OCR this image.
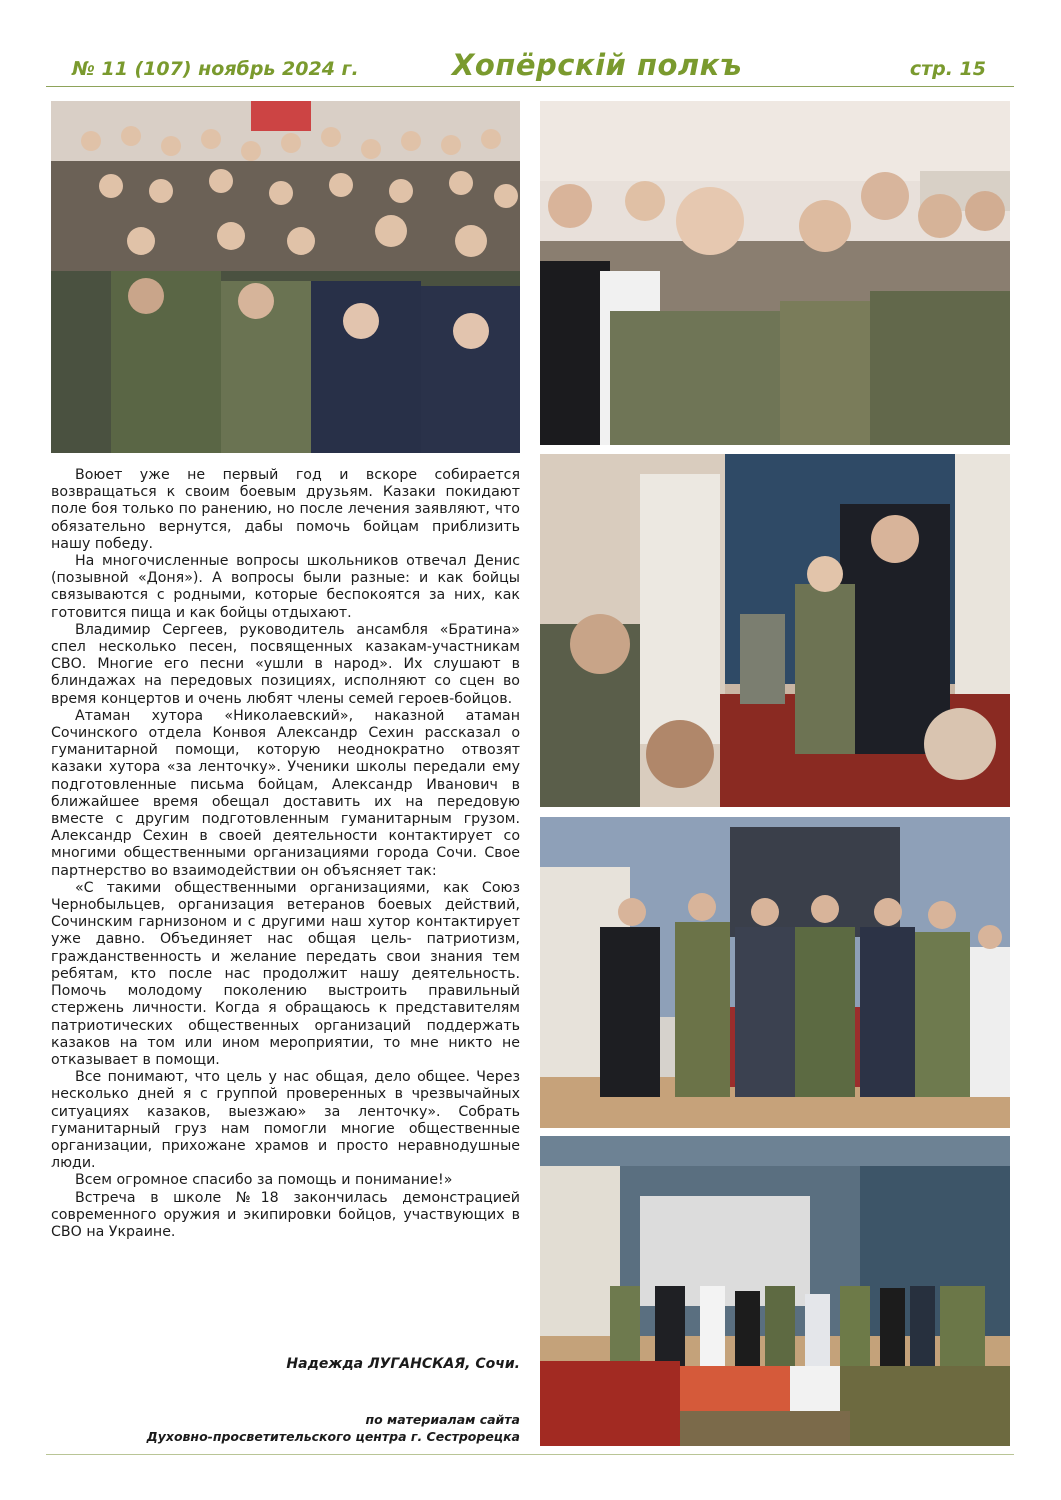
№ 11 (107) ноябрь 2024 г.	Хопёрскій полкъ	стр. 15

Воюет уже не первый год и вскоре собирается возвращаться к своим боевым друзьям. Казаки покидают поле боя только по ранению, но после лечения заявляют, что обязательно вернутся, дабы помочь бойцам приблизить нашу победу.

На многочисленные вопросы школьников отвечал Денис (позывной «Доня»). А вопросы были разные: и как бойцы связываются с родными, которые беспокоятся за них, как готовится пища и как бойцы отдыхают.

Владимир Сергеев, руководитель ансамбля «Братина» спел несколько песен, посвященных казакам-участникам СВО. Многие его песни «ушли в народ». Их слушают в блиндажах на передовых позициях, исполняют со сцен во время концертов и очень любят члены семей героев-бойцов.

Атаман хутора «Николаевский», наказной атаман Сочинского отдела Конвоя Александр Сехин рассказал о гуманитарной помощи, которую неоднократно отвозят казаки хутора «за ленточку». Ученики школы передали ему подготовленные письма бойцам, Александр Иванович в ближайшее время обещал доставить их на передовую вместе с другим подготовленным гуманитарным грузом. Александр Сехин в своей деятельности контактирует со многими общественными организациями города Сочи. Свое партнерство во взаимодействии он объясняет так:

«С такими общественными организациями, как Союз Чернобыльцев, организация ветеранов боевых действий, Сочинским гарнизоном и с другими наш хутор контактирует уже давно. Объединяет нас общая цель- патриотизм, гражданственность и желание передать свои знания тем ребятам, кто после нас продолжит нашу деятельность. Помочь молодому поколению выстроить правильный стержень личности. Когда я обращаюсь к представителям патриотических общественных организаций поддержать казаков на том или ином мероприятии, то мне никто не отказывает в помощи.

Все понимают, что цель у нас общая, дело общее. Через несколько дней я с группой проверенных в чрезвычайных ситуациях казаков, выезжаю» за ленточку». Собрать гуманитарный груз нам помогли многие общественные организации, прихожане храмов и просто неравнодушные люди.

Всем огромное спасибо за помощь и понимание!»

Встреча в школе №18 закончилась демонстрацией современного оружия и экипировки бойцов, участвующих в СВО на Украине.

Надежда ЛУГАНСКАЯ, Сочи.
по материалам сайта
Духовно-просветительского центра г. Сестрорецка
